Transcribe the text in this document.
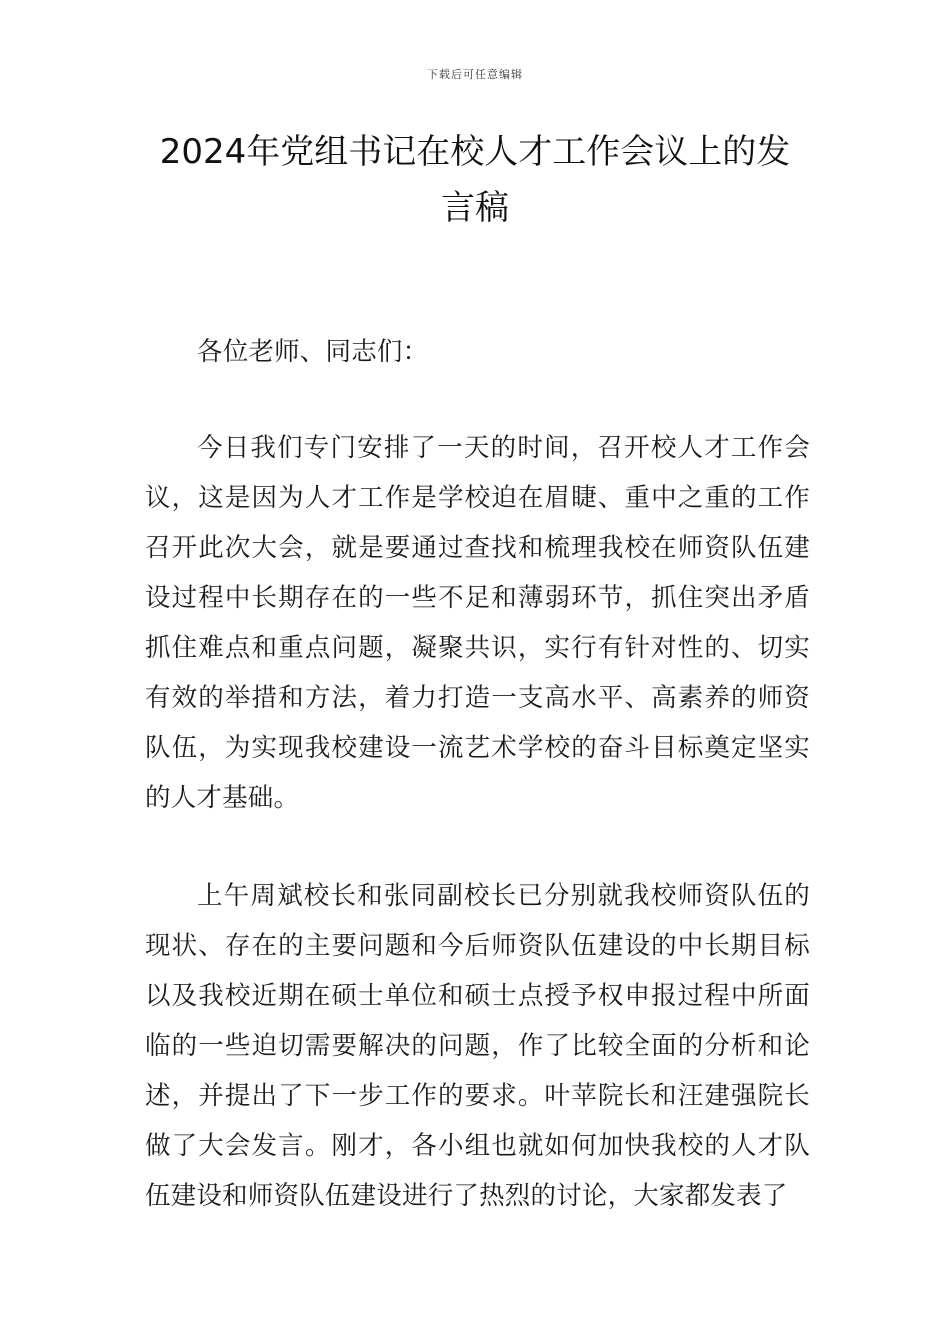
下载后可任意编辑
2024年党组书记在校人才工作会议上的发言稿

各位老师、同志们：

今日我们专门安排了一天的时间，召开校人才工作会议，这是因为人才工作是学校迫在眉睫、重中之重的工作召开此次大会，就是要通过查找和梳理我校在师资队伍建设过程中长期存在的一些不足和薄弱环节，抓住突出矛盾抓住难点和重点问题，凝聚共识，实行有针对性的、切实有效的举措和方法，着力打造一支高水平、高素养的师资队伍，为实现我校建设一流艺术学校的奋斗目标奠定坚实的人才基础。

上午周斌校长和张同副校长已分别就我校师资队伍的现状、存在的主要问题和今后师资队伍建设的中长期目标以及我校近期在硕士单位和硕士点授予权申报过程中所面临的一些迫切需要解决的问题，作了比较全面的分析和论述，并提出了下一步工作的要求。叶苹院长和汪建强院长做了大会发言。刚才，各小组也就如何加快我校的人才队伍建设和师资队伍建设进行了热烈的讨论，大家都发表了
